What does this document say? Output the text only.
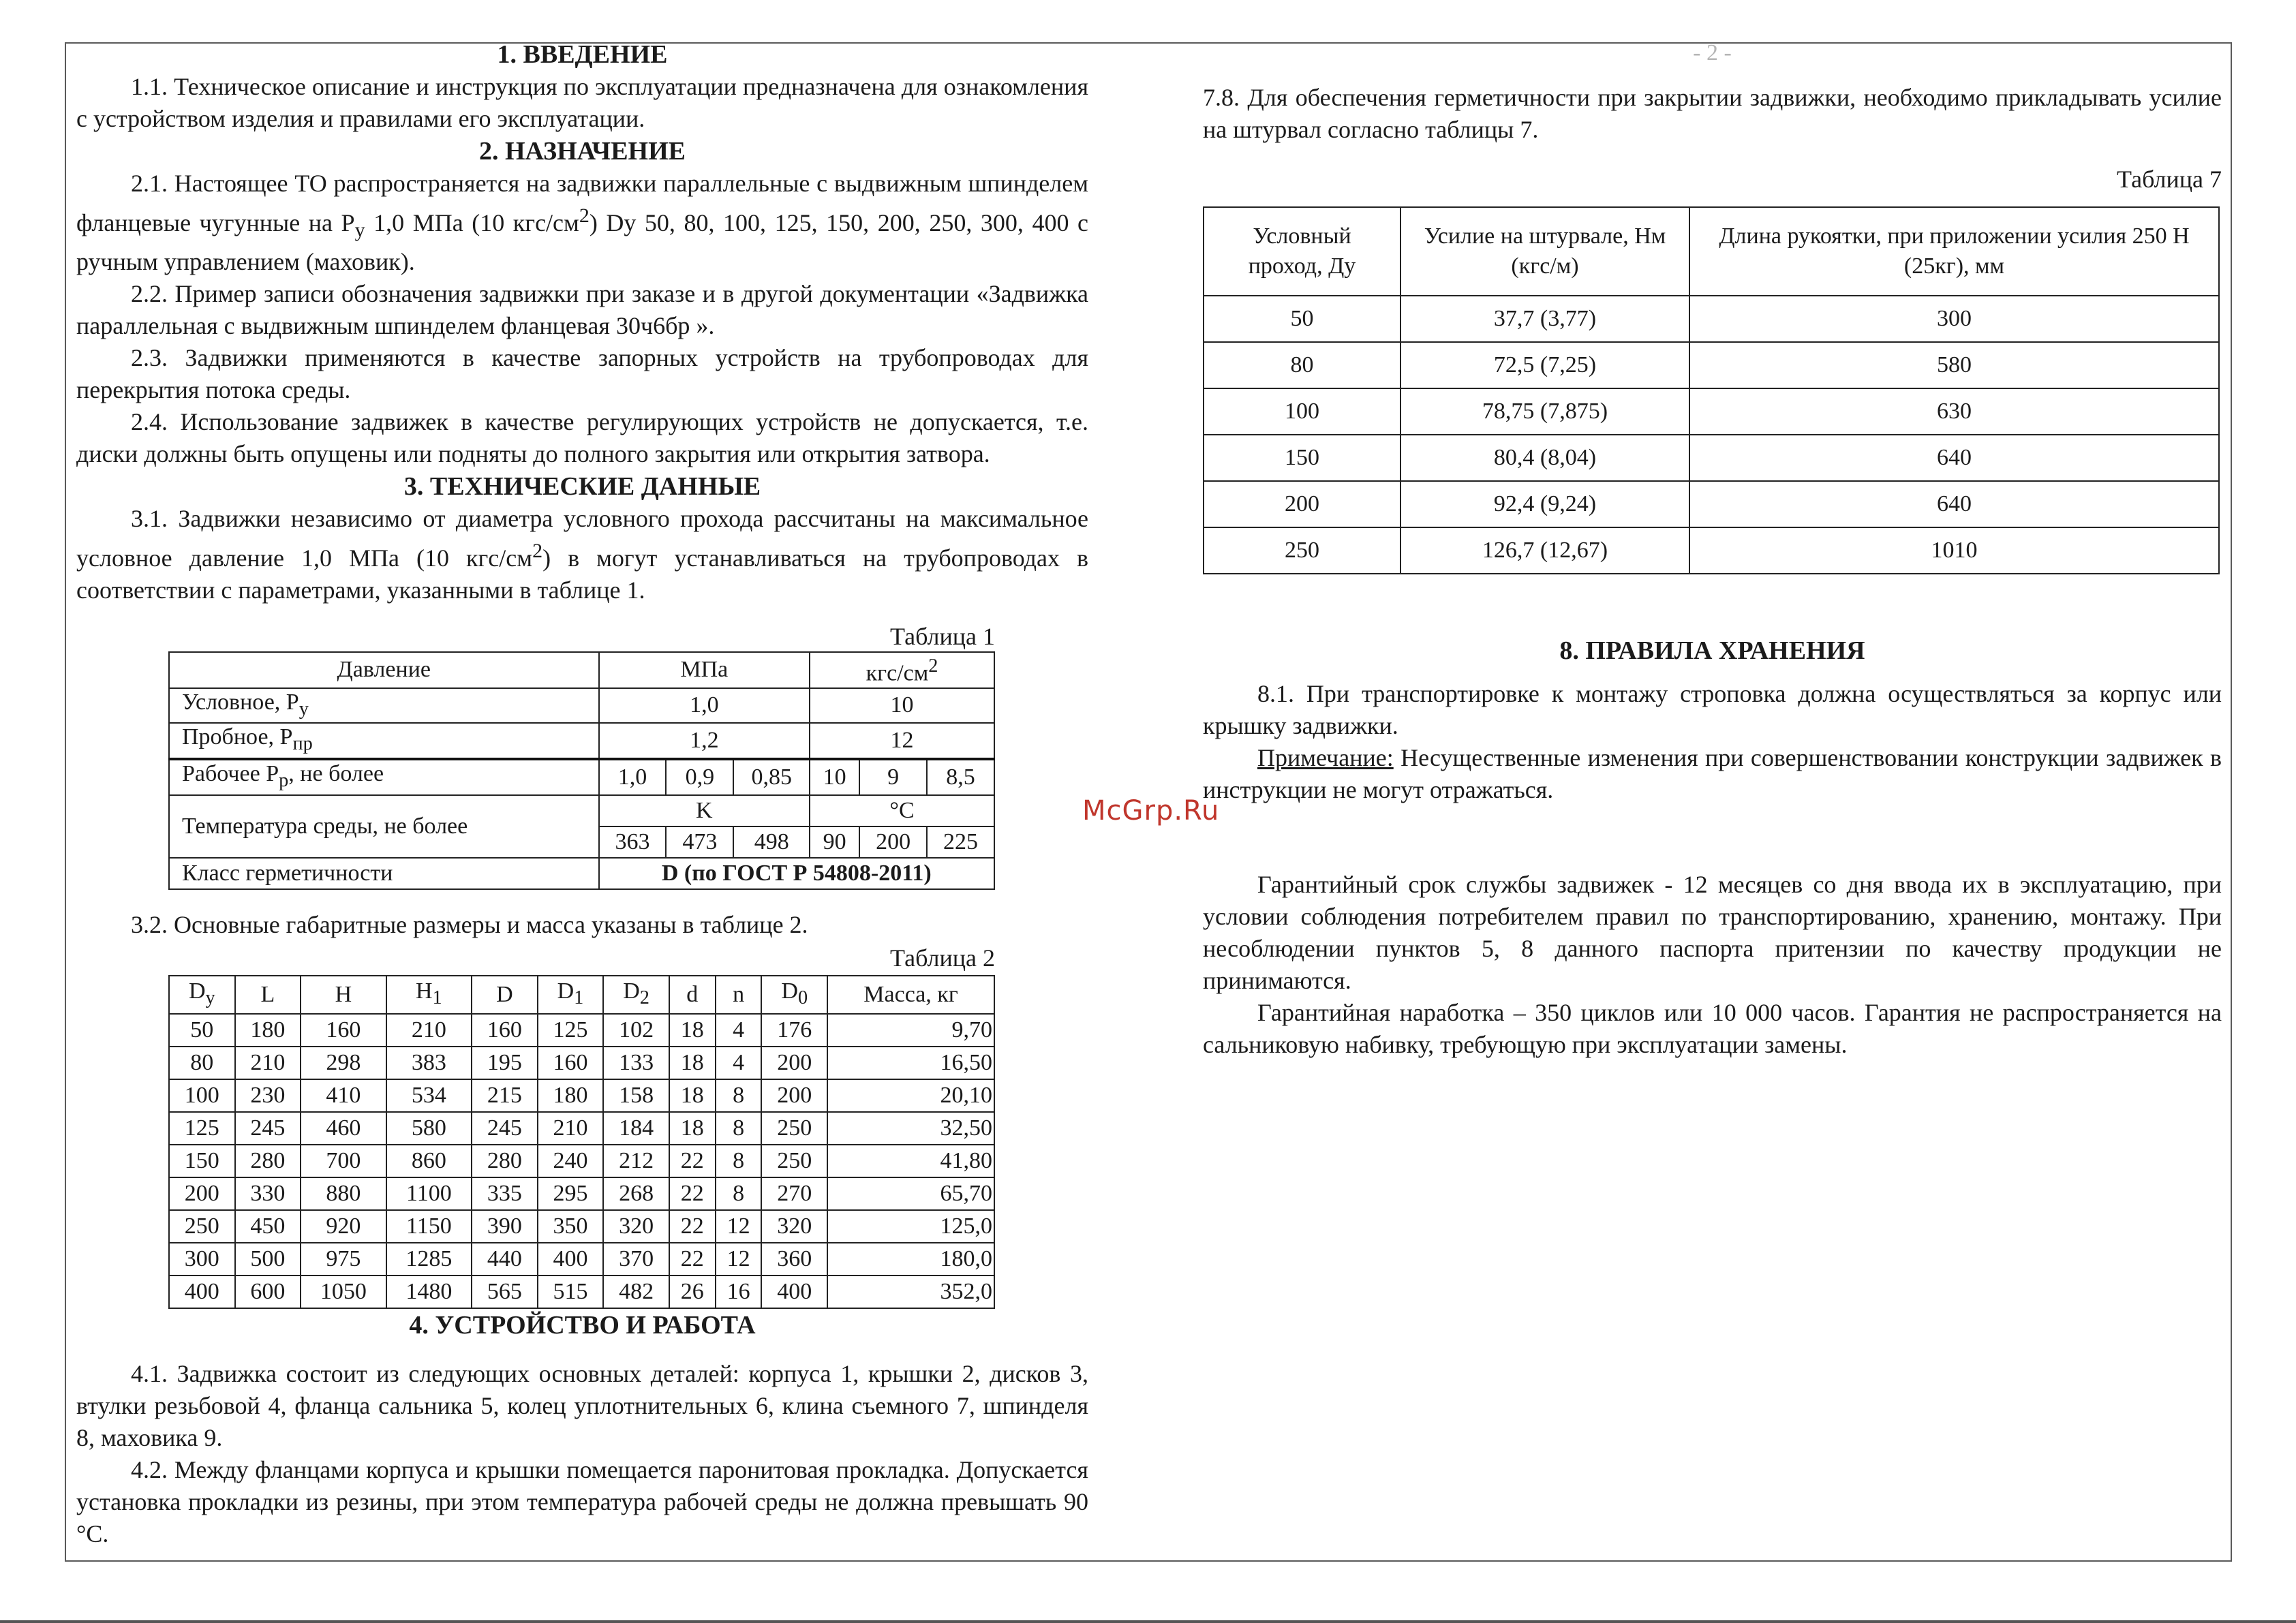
1. ВВЕДЕНИЕ

1.1. Техническое описание и инструкция по эксплуатации предназначена для ознакомления с устройством изделия и правилами его эксплуатации.

2. НАЗНАЧЕНИЕ

2.1. Настоящее ТО распространяется на задвижки параллельные с выдвижным шпинделем фланцевые чугунные на $P_y$ 1,0 МПа (10 кгс/$см^2$) Dy 50, 80, 100, 125, 150, 200, 250, 300, 400 с ручным управлением (маховик).

2.2. Пример записи обозначения задвижки при заказе и в другой документации «Задвижка параллельная с выдвижным шпинделем фланцевая 30ч6бр ».

2.3. Задвижки применяются в качестве запорных устройств на трубопроводах для перекрытия потока среды.

2.4. Использование задвижек в качестве регулирующих устройств не допускается, т.е. диски должны быть опущены или подняты до полного закрытия или открытия затвора.

3. ТЕХНИЧЕСКИЕ ДАННЫЕ

3.1. Задвижки независимо от диаметра условного прохода рассчитаны на максимальное условное давление 1,0 МПа (10 кгс/$см^2$) в могут устанавливаться на трубопроводах в соответствии с параметрами, указанными в таблице 1.

Таблица 1
Давление	МПа			кгс/$см^2$
Условное, $P_у$	1,0			10		
Пробное, $P_{пр}$	1,2			12		
Рабочее $P_р$, не более	1,0	0,9	0,85	10	9	8,5
Температура среды, не более	K			°C		
	363	473	498	90	200	225
Класс герметичности	D (по ГОСТ Р 54808-2011)					

3.2. Основные габаритные размеры и масса указаны в таблице 2.

Таблица 2
$D_у$	L	H	$H_1$	D	$D_1$	$D_2$	d	n	$D_0$	Масса, кг
50	180	160	210	160	125	102	18	4	176	9,70
80	210	298	383	195	160	133	18	4	200	16,50
100	230	410	534	215	180	158	18	8	200	20,10
125	245	460	580	245	210	184	18	8	250	32,50
150	280	700	860	280	240	212	22	8	250	41,80
200	330	880	1100	335	295	268	22	8	270	65,70
250	450	920	1150	390	350	320	22	12	320	125,0
300	500	975	1285	440	400	370	22	12	360	180,0
400	600	1050	1480	565	515	482	26	16	400	352,0
4. УСТРОЙСТВО И РАБОТА

4.1. Задвижка состоит из следующих основных деталей: корпуса 1, крышки 2, дисков 3, втулки резьбовой 4, фланца сальника 5, колец уплотнительных 6, клина съемного 7, шпинделя 8, маховика 9.

4.2. Между фланцами корпуса и крышки помещается паронитовая прокладка. Допускается установка прокладки из резины, при этом температура рабочей среды не должна превышать 90 °С.

- 2 -

7.8. Для обеспечения герметичности при закрытии задвижки, необходимо прикладывать усилие на штурвал согласно таблицы 7.

Таблица 7

Условный проход, Ду	Усилие на штурвале, Нм (кгс/м)	Длина рукоятки, при приложении усилия 250 Н (25кг), мм
50	37,7 (3,77)	300
80	72,5 (7,25)	580
100	78,75 (7,875)	630
150	80,4 (8,04)	640
200	92,4 (9,24)	640
250	126,7 (12,67)	1010
8. ПРАВИЛА ХРАНЕНИЯ

8.1. При транспортировке к монтажу строповка должна осуществляться за корпус или крышку задвижки.

Примечание: Несущественные изменения при совершенствовании конструкции задвижек в инструкции не могут отражаться.

Гарантийный срок службы задвижек - 12 месяцев со дня ввода их в эксплуатацию, при условии соблюдения потребителем правил по транспортированию, хранению, монтажу. При несоблюдении пунктов 5, 8 данного паспорта притензии по качеству продукции не принимаются.

Гарантийная наработка – 350 циклов или 10 000 часов. Гарантия не распространяется на сальниковую набивку, требующую при эксплуатации замены.

McGrp.Ru
